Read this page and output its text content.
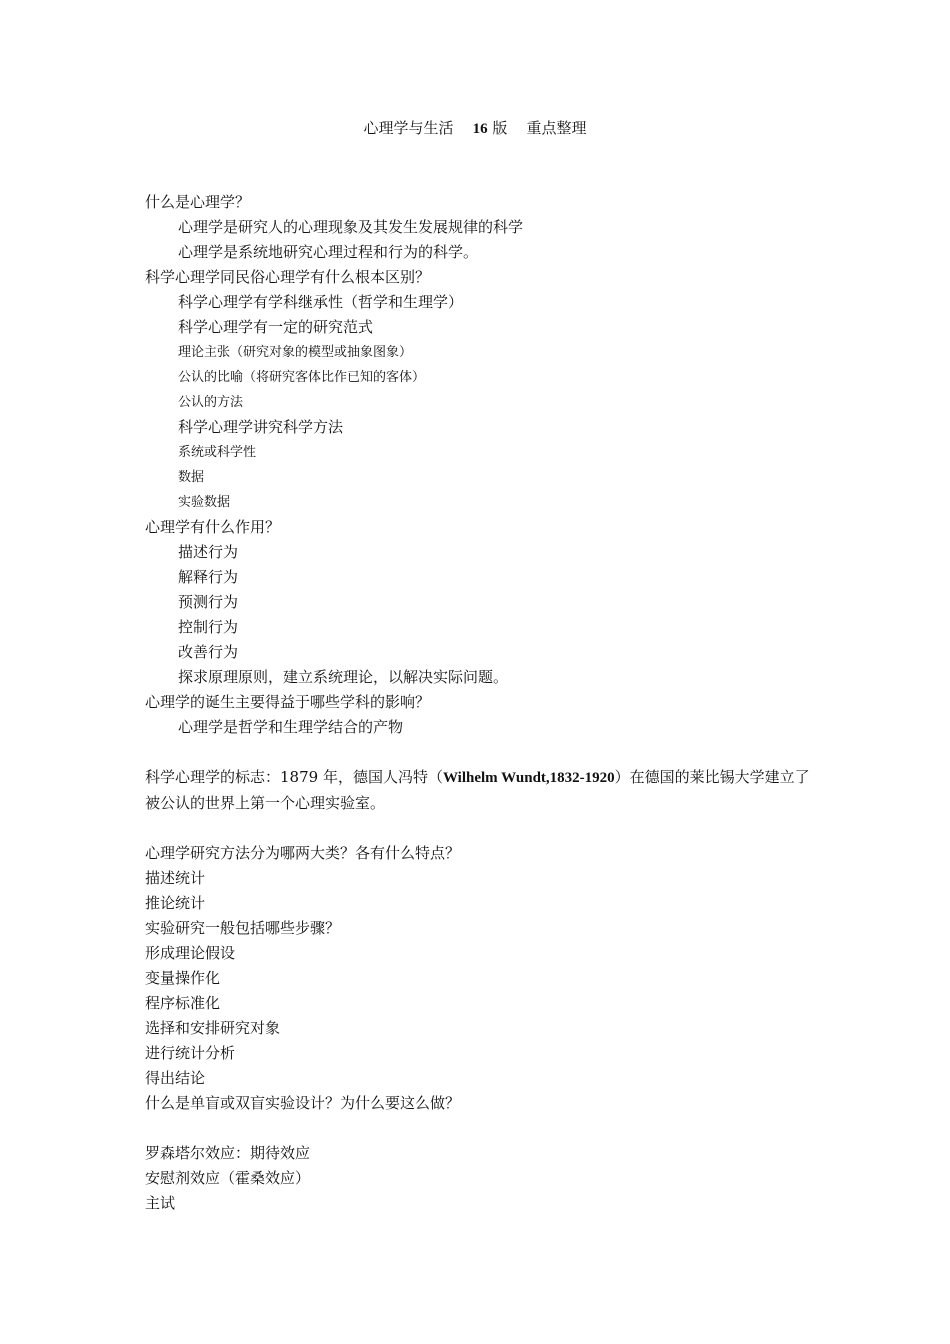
心理学与生活 16 版 重点整理
什么是心理学？
心理学是研究人的心理现象及其发生发展规律的科学
心理学是系统地研究心理过程和行为的科学。
科学心理学同民俗心理学有什么根本区别？
科学心理学有学科继承性（哲学和生理学）
科学心理学有一定的研究范式
理论主张（研究对象的模型或抽象图象）
公认的比喻（将研究客体比作已知的客体）
公认的方法
科学心理学讲究科学方法
系统或科学性
数据
实验数据
心理学有什么作用？
描述行为
解释行为
预测行为
控制行为
改善行为
探求原理原则，建立系统理论，以解决实际问题。
心理学的诞生主要得益于哪些学科的影响？
心理学是哲学和生理学结合的产物
科学心理学的标志：1879 年，德国人冯特（Wilhelm Wundt,1832-1920）在德国的莱比锡大学建立了被公认的世界上第一个心理实验室。
心理学研究方法分为哪两大类？各有什么特点？
描述统计
推论统计
实验研究一般包括哪些步骤？
形成理论假设
变量操作化
程序标准化
选择和安排研究对象
进行统计分析
得出结论
什么是单盲或双盲实验设计？为什么要这么做？
罗森塔尔效应：期待效应
安慰剂效应（霍桑效应）
主试
